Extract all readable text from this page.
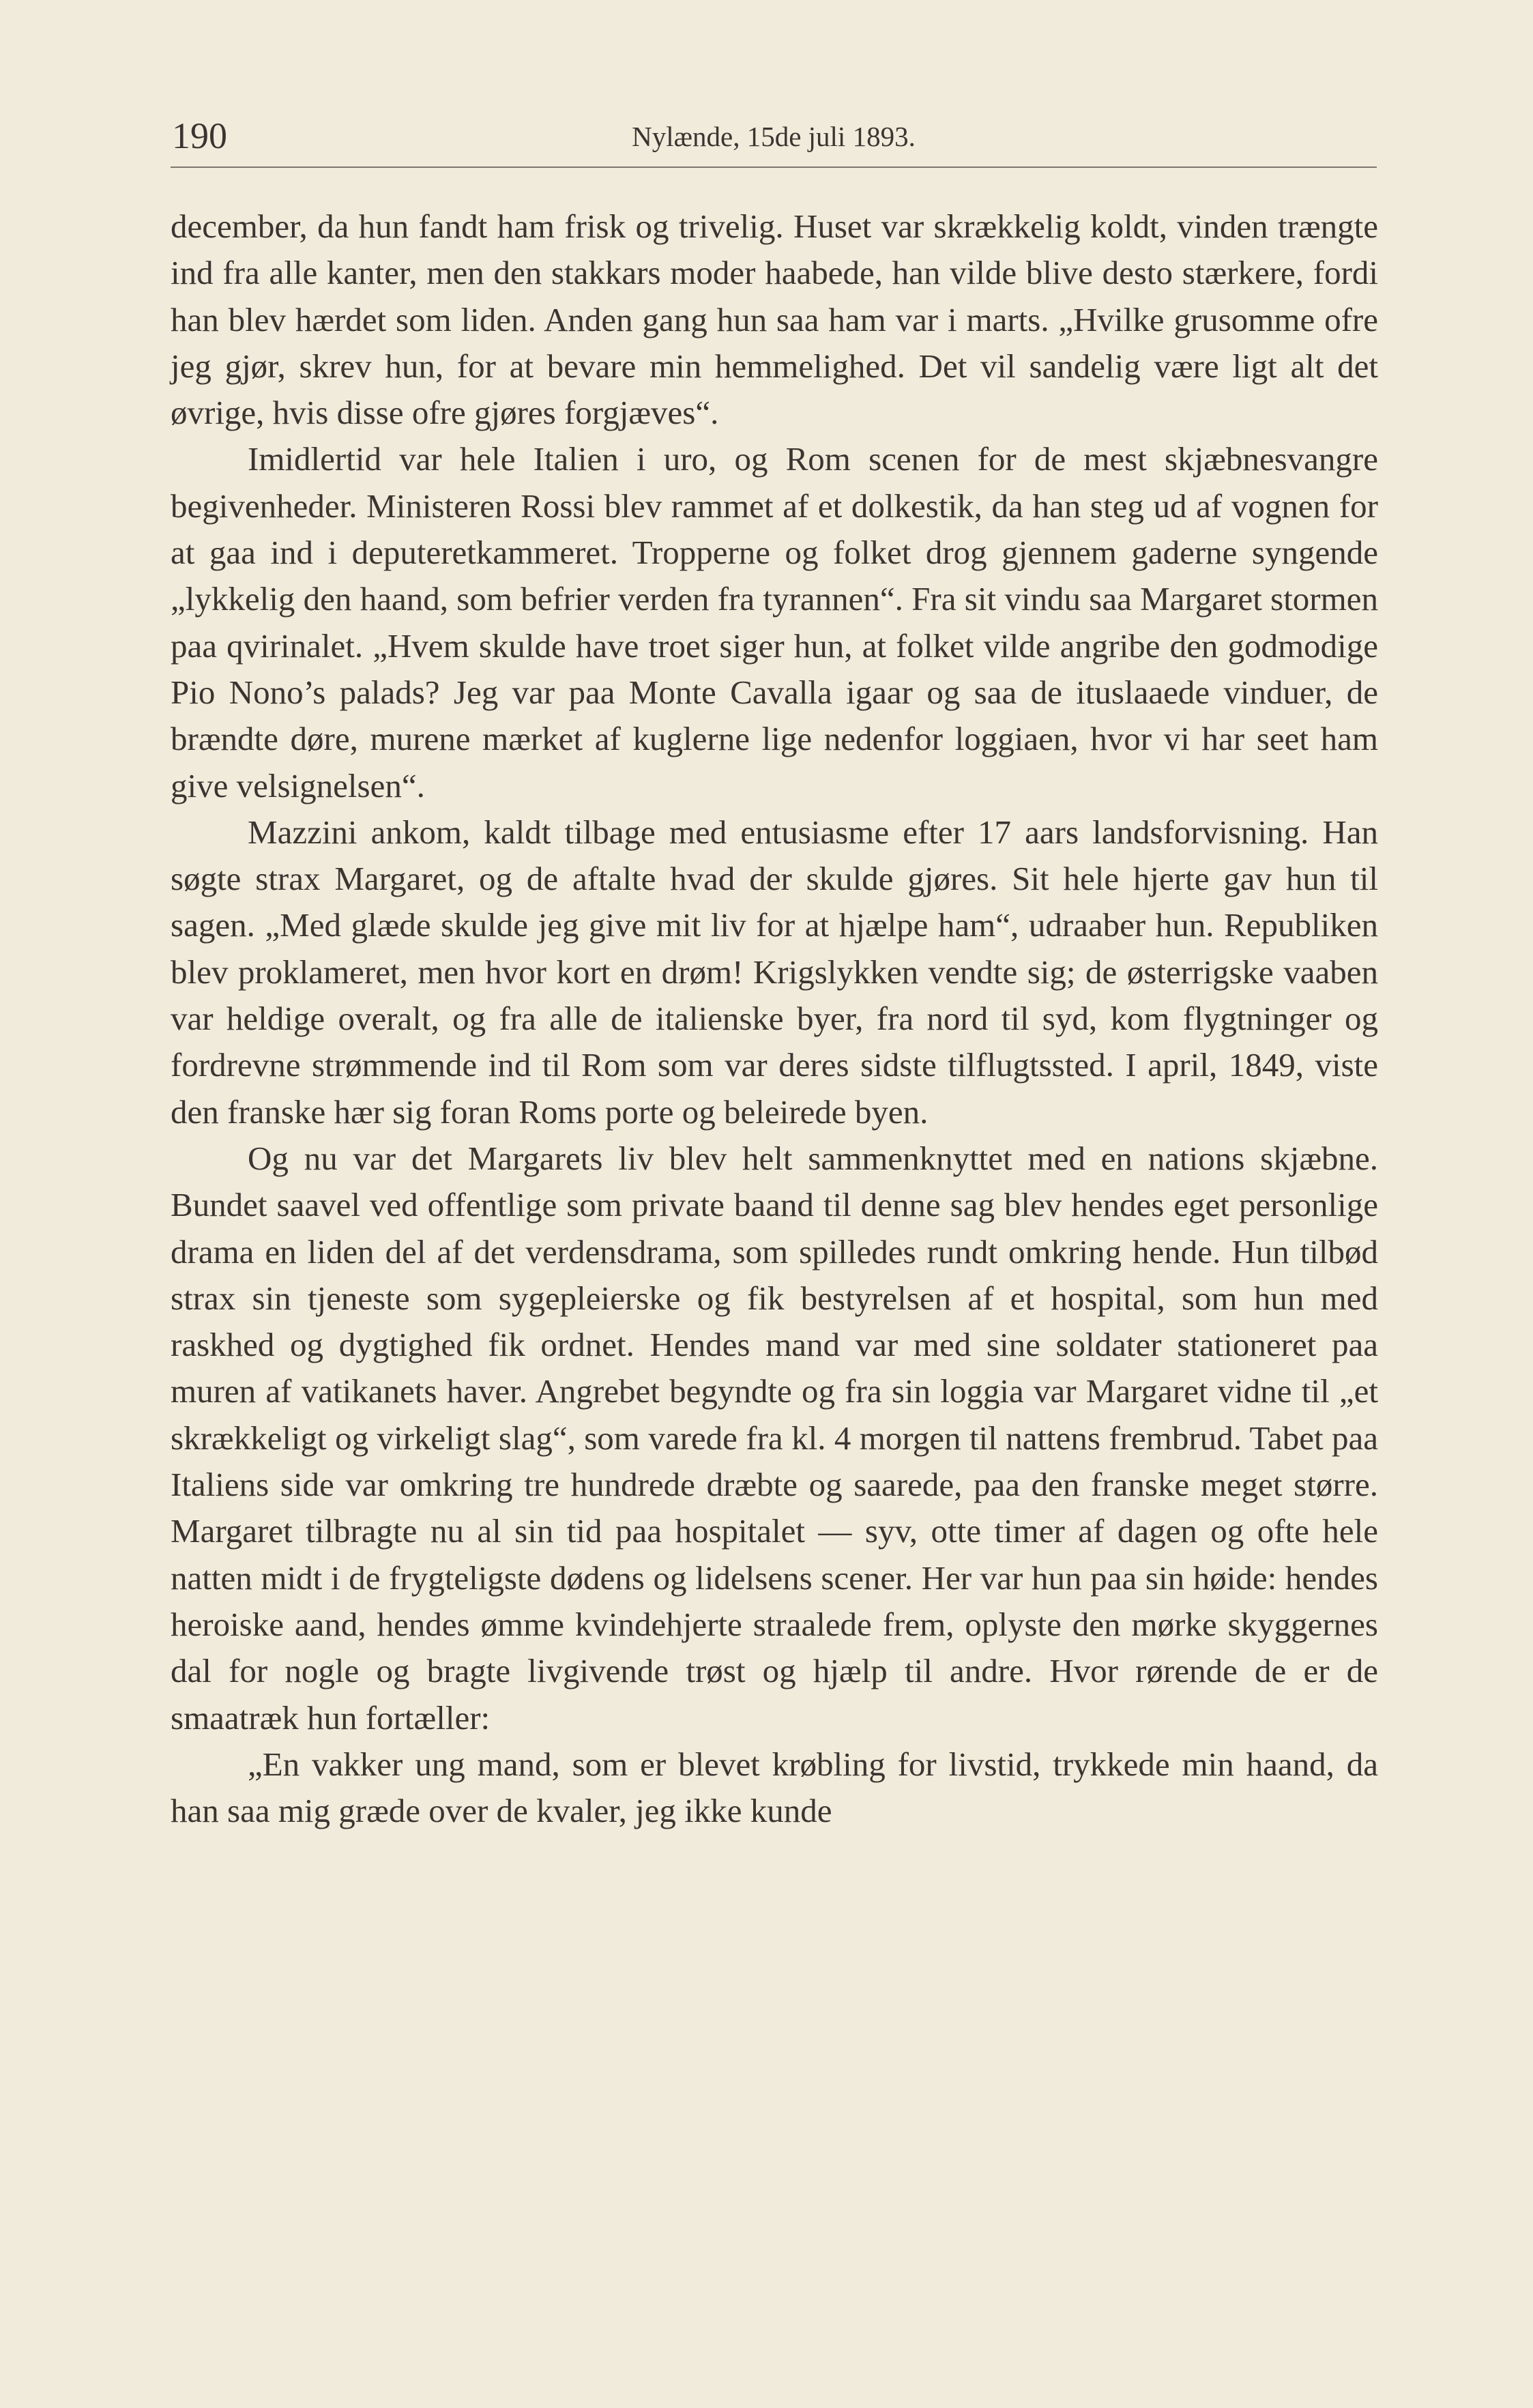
190	Nylænde, 15de juli 1893.

december, da hun fandt ham frisk og trivelig. Huset var skrækkelig koldt, vinden trængte ind fra alle kanter, men den stakkars moder haabede, han vilde blive desto stærkere, fordi han blev hærdet som liden. Anden gang hun saa ham var i marts. „Hvilke grusomme ofre jeg gjør, skrev hun, for at bevare min hemmelighed. Det vil sandelig være ligt alt det øvrige, hvis disse ofre gjøres forgjæves“.

Imidlertid var hele Italien i uro, og Rom scenen for de mest skjæbnesvangre begivenheder. Ministeren Rossi blev rammet af et dolkestik, da han steg ud af vognen for at gaa ind i deputeretkammeret. Tropperne og folket drog gjennem gaderne syngende „lykkelig den haand, som befrier verden fra tyrannen“. Fra sit vindu saa Margaret stormen paa qvirinalet. „Hvem skulde have troet siger hun, at folket vilde angribe den godmodige Pio Nono’s palads? Jeg var paa Monte Cavalla igaar og saa de ituslaaede vinduer, de brændte døre, murene mærket af kuglerne lige nedenfor loggiaen, hvor vi har seet ham give velsignelsen“.

Mazzini ankom, kaldt tilbage med entusiasme efter 17 aars landsforvisning. Han søgte strax Margaret, og de aftalte hvad der skulde gjøres. Sit hele hjerte gav hun til sagen. „Med glæde skulde jeg give mit liv for at hjælpe ham“, udraaber hun. Republiken blev proklameret, men hvor kort en drøm! Krigslykken vendte sig; de østerrigske vaaben var heldige overalt, og fra alle de italienske byer, fra nord til syd, kom flygtninger og fordrevne strømmende ind til Rom som var deres sidste tilflugtssted. I april, 1849, viste den franske hær sig foran Roms porte og beleirede byen.

Og nu var det Margarets liv blev helt sammenknyttet med en nations skjæbne. Bundet saavel ved offentlige som private baand til denne sag blev hendes eget personlige drama en liden del af det verdensdrama, som spilledes rundt omkring hende. Hun tilbød strax sin tjeneste som sygepleierske og fik bestyrelsen af et hospital, som hun med raskhed og dygtighed fik ordnet. Hendes mand var med sine soldater stationeret paa muren af vatikanets haver. Angrebet begyndte og fra sin loggia var Margaret vidne til „et skrækkeligt og virkeligt slag“, som varede fra kl. 4 morgen til nattens frembrud. Tabet paa Italiens side var omkring tre hundrede dræbte og saarede, paa den franske meget større. Margaret tilbragte nu al sin tid paa hospitalet — syv, otte timer af dagen og ofte hele natten midt i de frygteligste dødens og lidelsens scener. Her var hun paa sin høide: hendes heroiske aand, hendes ømme kvindehjerte straalede frem, oplyste den mørke skyggernes dal for nogle og bragte livgivende trøst og hjælp til andre. Hvor rørende de er de smaatræk hun fortæller:

„En vakker ung mand, som er blevet krøbling for livstid, trykkede min haand, da han saa mig græde over de kvaler, jeg ikke kunde
